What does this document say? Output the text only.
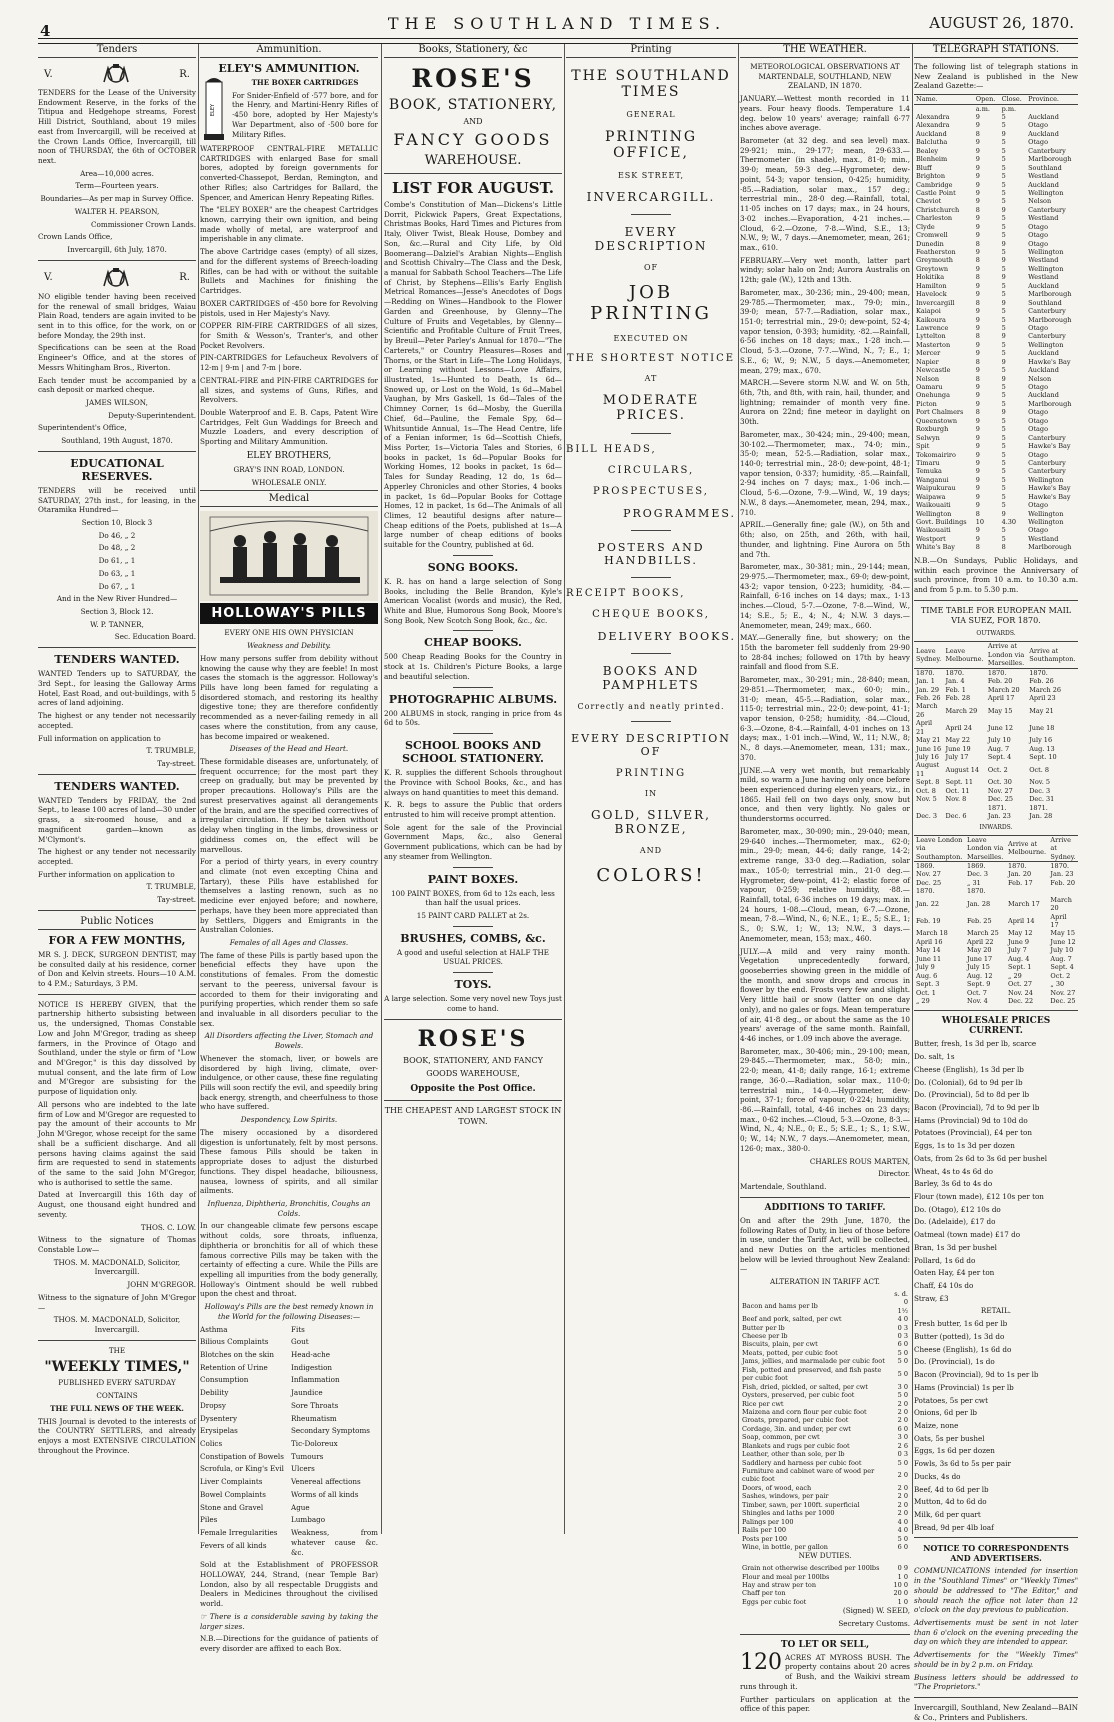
4	THE SOUTHLAND TIMES.	AUGUST 26, 1870.
Tenders
V.	R.
TENDERS for the Lease of the University Endowment Reserve, in the forks of the Titipua and Hedgehope streams, Forest Hill District, Southland, about 19 miles east from Invercargill, will be received at the Crown Lands Office, Invercargill, till noon of THURSDAY, the 6th of OCTOBER next.
Area—10,000 acres.
Term—Fourteen years.
Boundaries—As per map in Survey Office.
WALTER H. PEARSON,
Commissioner Crown Lands.
Crown Lands Office,
Invercargill, 6th July, 1870.
V.	R.
NO eligible tender having been received for the renewal of small bridges, Waiau Plain Road, tenders are again invited to be sent in to this office, for the work, on or before Monday, the 29th inst.
Specifications can be seen at the Road Engineer's Office, and at the stores of Messrs Whitingham Bros., Riverton.
Each tender must be accompanied by a cash deposit or marked cheque.
JAMES WILSON,
Deputy-Superintendent.
Superintendent's Office,
Southland, 19th August, 1870.
EDUCATIONAL RESERVES.
TENDERS will be received until SATURDAY, 27th inst., for leasing, in the Otaramika Hundred—
Section 10, Block 3
Do 46, „ 2
Do 48, „ 2
Do 61, „ 1
Do 63, „ 1
Do 67, „ 1
And in the New River Hundred—
Section 3, Block 12.
W. P. TANNER,
Sec. Education Board.
TENDERS WANTED.
WANTED Tenders up to SATURDAY, the 3rd Sept., for leasing the Galloway Arms Hotel, East Road, and out-buildings, with 5 acres of land adjoining.
The highest or any tender not necessarily accepted.
Full information on application to
T. TRUMBLE,
Tay-street.
TENDERS WANTED.
WANTED Tenders by FRIDAY, the 2nd Sept., to lease 100 acres of land—30 under grass, a six-roomed house, and a magnificent garden—known as M'Clymont's.
The highest or any tender not necessarily accepted.
Further information on application to
T. TRUMBLE,
Tay-street.
Public Notices
FOR A FEW MONTHS,
MR S. J. DECK, SURGEON DENTIST, may be consulted daily at his residence, corner of Don and Kelvin streets. Hours—10 A.M. to 4 P.M.; Saturdays, 3 P.M.
NOTICE IS HEREBY GIVEN, that the partnership hitherto subsisting between us, the undersigned, Thomas Constable Low and John M'Gregor, trading as sheep farmers, in the Province of Otago and Southland, under the style or firm of "Low and M'Gregor," is this day dissolved by mutual consent, and the late firm of Low and M'Gregor are subsisting for the purpose of liquidation only.
All persons who are indebted to the late firm of Low and M'Gregor are requested to pay the amount of their accounts to Mr John M'Gregor, whose receipt for the same shall be a sufficient discharge. And all persons having claims against the said firm are requested to send in statements of the same to the said John M'Gregor, who is authorised to settle the same.
Dated at Invercargill this 16th day of August, one thousand eight hundred and seventy.
THOS. C. LOW.
Witness to the signature of Thomas Constable Low—
THOS. M. MACDONALD, Solicitor, Invercargill.
JOHN M'GREGOR.
Witness to the signature of John M'Gregor—
THOS. M. MACDONALD, Solicitor, Invercargill.
THE
"WEEKLY TIMES,"
PUBLISHED EVERY SATURDAY
CONTAINS
THE FULL NEWS OF THE WEEK.
THIS Journal is devoted to the interests of the COUNTRY SETTLERS, and already enjoys a most EXTENSIVE CIRCULATION throughout the Province.
Ammunition.
ELEY'S AMMUNITION.
ELEY
THE BOXER CARTRIDGES
For Snider-Enfield of ·577 bore, and for the Henry, and Martini-Henry Rifles of ·450 bore, adopted by Her Majesty's War Department, also of ·500 bore for Military Rifles.
WATERPROOF CENTRAL-FIRE METALLIC CARTRIDGES with enlarged Base for small bores, adopted by foreign governments for converted-Chassepot, Berdan, Remington, and other Rifles; also Cartridges for Ballard, the Spencer, and American Henry Repeating Rifles.
The "ELEY BOXER" are the cheapest Cartridges known, carrying their own ignition, and being made wholly of metal, are waterproof and imperishable in any climate.
The above Cartridge cases (empty) of all sizes, and for the different systems of Breech-loading Rifles, can be had with or without the suitable Bullets and Machines for finishing the Cartridges.
BOXER CARTRIDGES of ·450 bore for Revolving pistols, used in Her Majesty's Navy.
COPPER RIM-FIRE CARTRIDGES of all sizes, for Smith & Wesson's, Tranter's, and other Pocket Revolvers.
PIN-CARTRIDGES for Lefaucheux Revolvers of 12-m | 9-m | and 7-m | bore.
CENTRAL-FIRE and PIN-FIRE CARTRIDGES for all sizes, and systems of Guns, Rifles, and Revolvers.
Double Waterproof and E. B. Caps, Patent Wire Cartridges, Felt Gun Waddings for Breech and Muzzle Loaders, and every description of Sporting and Military Ammunition.
ELEY BROTHERS,
GRAY'S INN ROAD, LONDON.
WHOLESALE ONLY.
Medical
HOLLOWAY'S PILLS
EVERY ONE HIS OWN PHYSICIAN
Weakness and Debility.
How many persons suffer from debility without knowing the cause why they are feeble! In most cases the stomach is the aggressor. Holloway's Pills have long been famed for regulating a disordered stomach, and restoring its healthy digestive tone; they are therefore confidently recommended as a never-failing remedy in all cases where the constitution, from any cause, has become impaired or weakened.
Diseases of the Head and Heart.
These formidable diseases are, unfortunately, of frequent occurrence; for the most part they creep on gradually, but may be prevented by proper precautions. Holloway's Pills are the surest preservatives against all derangements of the brain, and are the specified correctives of irregular circulation. If they be taken without delay when tingling in the limbs, drowsiness or giddiness comes on, the effect will be marvellous.
For a period of thirty years, in every country and climate (not even excepting China and Tartary), these Pills have established for themselves a lasting renown, such as no medicine ever enjoyed before; and nowhere, perhaps, have they been more appreciated than by Settlers, Diggers and Emigrants in the Australian Colonies.
Females of all Ages and Classes.
The fame of these Pills is partly based upon the beneficial effects they have upon the constitutions of females. From the domestic servant to the peeress, universal favour is accorded to them for their invigorating and purifying properties, which render them so safe and invaluable in all disorders peculiar to the sex.
All Disorders affecting the Liver, Stomach and Bowels.
Whenever the stomach, liver, or bowels are disordered by high living, climate, over-indulgence, or other cause, these fine regulating Pills will soon rectify the evil, and speedily bring back energy, strength, and cheerfulness to those who have suffered.
Despondency, Low Spirits.
The misery occasioned by a disordered digestion is unfortunately, felt by most persons. These famous Pills should be taken in appropriate doses to adjust the disturbed functions. They dispel headache, biliousness, nausea, lowness of spirits, and all similar ailments.
Influenza, Diphtheria, Bronchitis, Coughs an Colds.
In our changeable climate few persons escape without colds, sore throats, influenza, diphtheria or bronchitis for all of which these famous corrective Pills may be taken with the certainty of effecting a cure. While the Pills are expelling all impurities from the body generally, Holloway's Ointment should be well rubbed upon the chest and throat.
Holloway's Pills are the best remedy known in the World for the following Diseases:—
Asthma
Bilious Complaints
Blotches on the skin
Retention of Urine
Consumption
Debility
Dropsy
Dysentery
Erysipelas
Colics
Constipation of Bowels
Scrofula, or King's Evil
Liver Complaints
Bowel Complaints
Stone and Gravel
Piles
Female Irregularities
Fevers of all kinds
Fits
Gout
Head-ache
Indigestion
Inflammation
Jaundice
Sore Throats
Rheumatism
Secondary Symptoms
Tic-Doloreux
Tumours
Ulcers
Venereal affections
Worms of all kinds
Ague
Lumbago
Weakness, from whatever cause &c. &c.
Sold at the Establishment of PROFESSOR HOLLOWAY, 244, Strand, (near Temple Bar) London, also by all respectable Druggists and Dealers in Medicines throughout the civilised world.
☞ There is a considerable saving by taking the larger sizes.
N.B.—Directions for the guidance of patients of every disorder are affixed to each Box.
Books, Stationery, &c
ROSE'S
BOOK, STATIONERY,
AND
FANCY GOODS
WAREHOUSE.
LIST FOR AUGUST.
Combe's Constitution of Man—Dickens's Little Dorrit, Pickwick Papers, Great Expectations, Christmas Books, Hard Times and Pictures from Italy, Oliver Twist, Bleak House, Dombey and Son, &c.—Rural and City Life, by Old Boomerang—Dalziel's Arabian Nights—English and Scottish Chivalry—The Class and the Desk, a manual for Sabbath School Teachers—The Life of Christ, by Stephens—Ellis's Early English Metrical Romances—Jesse's Anecdotes of Dogs—Redding on Wines—Handbook to the Flower Garden and Greenhouse, by Glenny—The Culture of Fruits and Vegetables, by Glenny—Scientific and Profitable Culture of Fruit Trees, by Breuil—Peter Parley's Annual for 1870—"The Carterets," or Country Pleasures—Roses and Thorns, or the Start in Life—The Long Holidays, or Learning without Lessons—Love Affairs, illustrated, 1s—Hunted to Death, 1s 6d—Snowed up, or Lost on the Wold, 1s 6d—Mabel Vaughan, by Mrs Gaskell, 1s 6d—Tales of the Chimney Corner, 1s 6d—Mosby, the Guerilla Chief, 6d—Pauline, the Female Spy, 6d—Whitsuntide Annual, 1s—The Head Centre, life of a Fenian informer, 1s 6d—Scottish Chiefs, Miss Porter, 1s—Victoria Tales and Stories, 6 books in packet, 1s 6d—Popular Books for Working Homes, 12 books in packet, 1s 6d—Tales for Sunday Reading, 12 do, 1s 6d—Apperley Chronicles and other Stories, 4 books in packet, 1s 6d—Popular Books for Cottage Homes, 12 in packet, 1s 6d—The Animals of all Climes, 12 beautiful designs after nature—Cheap editions of the Poets, published at 1s—A large number of cheap editions of books suitable for the Country, published at 6d.
SONG BOOKS.
K. R. has on hand a large selection of Song Books, including the Belle Brandon, Kyle's American Vocalist (words and music), the Red, White and Blue, Humorous Song Book, Moore's Song Book, New Scotch Song Book, &c., &c.
CHEAP BOOKS.
500 Cheap Reading Books for the Country in stock at 1s. Children's Picture Books, a large and beautiful selection.
PHOTOGRAPHIC ALBUMS.
200 ALBUMS in stock, ranging in price from 4s 6d to 50s.
SCHOOL BOOKS AND SCHOOL STATIONERY.
K. R. supplies the different Schools throughout the Province with School Books, &c., and has always on hand quantities to meet this demand.
K. R. begs to assure the Public that orders entrusted to him will receive prompt attention.
Sole agent for the sale of the Provincial Government Maps, &c., also General Government publications, which can be had by any steamer from Wellington.
PAINT BOXES.
100 PAINT BOXES, from 6d to 12s each, less than half the usual prices.
15 PAINT CARD PALLET at 2s.
BRUSHES, COMBS, &c.
A good and useful selection at HALF THE USUAL PRICES.
TOYS.
A large selection. Some very novel new Toys just come to hand.
ROSE'S
BOOK, STATIONERY, AND FANCY
GOODS WAREHOUSE,
Opposite the Post Office.
THE CHEAPEST AND LARGEST STOCK IN TOWN.
Printing
THE SOUTHLAND TIMES
GENERAL
PRINTING OFFICE,
ESK STREET,
INVERCARGILL.
EVERY DESCRIPTION
OF
JOB PRINTING
EXECUTED ON
THE SHORTEST NOTICE
AT
MODERATE PRICES.
BILL HEADS,
CIRCULARS,
PROSPECTUSES,
PROGRAMMES.
POSTERS AND HANDBILLS.
RECEIPT BOOKS,
CHEQUE BOOKS,
DELIVERY BOOKS.
BOOKS AND PAMPHLETS
Correctly and neatly printed.
EVERY DESCRIPTION OF
PRINTING
IN
GOLD, SILVER, BRONZE,
AND
COLORS!
THE WEATHER.
METEOROLOGICAL OBSERVATIONS AT MARTENDALE, SOUTHLAND, NEW ZEALAND, IN 1870.
JANUARY.—Wettest month recorded in 11 years. Four heavy floods. Temperature 1.4 deg. below 10 years' average; rainfall 6·77 inches above average.
Barometer (at 32 deg. and sea level) max. 29·921; min., 29·177; mean, 29·633.—Thermometer (in shade), max., 81·0; min., 39·0; mean, 59·3 deg.—Hygrometer, dew-point, 54·3; vapor tension, 0·425; humidity, ·85.—Radiation, solar max., 157 deg.; terrestrial min., 28·0 deg.—Rainfall, total, 11·05 inches on 17 days; max., in 24 hours, 3·02 inches.—Evaporation, 4·21 inches.—Cloud, 6·2.—Ozone, 7·8.—Wind, S.E., 13; N.W., 9; W., 7 days.—Anemometer, mean, 261; max., 610.
FEBRUARY.—Very wet month, latter part windy; solar halo on 2nd; Aurora Australis on 12th; gale (W.), 12th and 13th.
Barometer, max., 30·236; min., 29·400; mean, 29·785.—Thermometer, max., 79·0; min., 39·0; mean, 57·7.—Radiation, solar max., 151·0; terrestrial min., 29·0; dew-point, 52·4; vapor tension, 0·393; humidity, ·82.—Rainfall, 6·56 inches on 18 days; max., 1·28 inch.—Cloud, 5·3.—Ozone, 7·7.—Wind, N., 7; E., 1; S.E., 6; W., 9; N.W., 5 days.—Anemometer, mean, 279; max., 670.
MARCH.—Severe storm N.W. and W. on 5th, 6th, 7th, and 8th, with rain, hail, thunder, and lightning; remainder of month very fine. Aurora on 22nd; fine meteor in daylight on 30th.
Barometer, max., 30·424; min., 29·400; mean, 30·102.—Thermometer, max., 74·0; min., 35·0; mean, 52·5.—Radiation, solar max., 140·0; terrestrial min., 28·0; dew-point, 48·1; vapor tension, 0·337; humidity, ·85.—Rainfall, 2·94 inches on 7 days; max., 1·06 inch.—Cloud, 5·6.—Ozone, 7·9.—Wind, W., 19 days; N.W., 8 days.—Anemometer, mean, 294, max., 710.
APRIL.—Generally fine; gale (W.), on 5th and 6th; also, on 25th, and 26th, with hail, thunder, and lightning. Fine Aurora on 5th and 7th.
Barometer, max., 30·381; min., 29·144; mean, 29·975.—Thermometer, max., 69·0; dew-point, 43·2; vapor tension, 0·223; humidity, ·84.—Rainfall, 6·16 inches on 14 days; max., 1·13 inches.—Cloud, 5·7.—Ozone, 7·8.—Wind, W., 14; S.E., 5; E., 4; N., 4; N.W. 3 days.—Anemometer, mean, 249; max., 660.
MAY.—Generally fine, but showery; on the 15th the barometer fell suddenly from 29·90 to 28·84 inches; followed on 17th by heavy rainfall and flood from S.E.
Barometer, max., 30·291; min., 28·840; mean, 29·851.—Thermometer, max., 60·0; min., 31·0; mean, 45·5.—Radiation, solar max., 115·0; terrestrial min., 22·0; dew-point, 41·1; vapor tension, 0·258; humidity, ·84.—Cloud, 6·3.—Ozone, 8·4.—Rainfall, 4·01 inches on 13 days; max., 1·01 inch.—Wind, W., 11; N.W., 8; N., 8 days.—Anemometer, mean, 131; max., 370.
JUNE.—A very wet month, but remarkably mild, so warm a June having only once before been experienced during eleven years, viz., in 1865. Hail fell on two days only, snow but once, and then very lightly. No gales or thunderstorms occurred.
Barometer, max., 30·090; min., 29·040; mean, 29·640 inches.—Thermometer, max., 62·0; min., 29·0; mean, 44·6; daily range, 14·2; extreme range, 33·0 deg.—Radiation, solar max., 105·0; terrestrial min., 21·0 deg.—Hygrometer, dew-point, 41·2; elastic force of vapour, 0·259; relative humidity, ·88.—Rainfall, total, 6·36 inches on 19 days; max. in 24 hours, 1·08.—Cloud, mean, 6·7.—Ozone, mean, 7·8.—Wind, N., 6; N.E., 1; E., 5; S.E., 1; S., 0; S.W., 1; W., 13; N.W., 3 days.—Anemometer, mean, 153; max., 460.
JULY.—A mild and very rainy month. Vegetation unprecedentedly forward, gooseberries showing green in the middle of the month, and snow drops and crocus in flower by the end. Frosts very few and slight. Very little hail or snow (latter on one day only), and no gales or fogs. Mean temperature of air, 41·8 deg., or about the same as the 10 years' average of the same month. Rainfall, 4·46 inches, or 1.09 inch above the average.
Barometer, max., 30·406; min., 29·100; mean, 29·845.—Thermometer, max., 58·0; min., 22·0; mean, 41·8; daily range, 16·1; extreme range, 36·0.—Radiation, solar max., 110·0; terrestrial min., 14·0.—Hygrometer, dew-point, 37·1; force of vapour, 0·224; humidity, ·86.—Rainfall, total, 4·46 inches on 23 days; max., 0·62 inches.—Cloud, 5·3.—Ozone, 8·3.—Wind, N., 4; N.E., 0; E., 5; S.E., 1; S., 1; S.W., 0; W., 14; N.W., 7 days.—Anemometer, mean, 126·0; max., 380·0.
CHARLES ROUS MARTEN,
Director.
Martendale, Southland.
ADDITIONS TO TARIFF.
On and after the 29th June, 1870, the following Rates of Duty, in lieu of those before in use, under the Tariff Act, will be collected, and new Duties on the articles mentioned below will be levied throughout New Zealand:—
ALTERATION IN TARIFF ACT.
	s. d.
Bacon and hams per lb	0 1½
Beef and pork, salted, per cwt	4 0
Butter per lb	0 3
Cheese per lb	0 3
Biscuits, plain, per cwt	6 0
Meats, potted, per cubic foot	5 0
Jams, jellies, and marmalade per cubic foot	5 0
Fish, potted and preserved, and fish paste per cubic foot	5 0
Fish, dried, pickled, or salted, per cwt	3 0
Oysters, preserved, per cubic foot	5 0
Rice per cwt	2 0
Maizena and corn flour per cubic foot	2 0
Groats, prepared, per cubic foot	2 0
Cordage, 3in. and under, per cwt	6 0
Soap, common, per cwt	3 0
Blankets and rugs per cubic foot	2 6
Leather, other than sole, per lb	0 3
Saddlery and harness per cubic foot	5 0
Furniture and cabinet ware of wood per cubic foot	2 0
Doors, of wood, each	2 0
Sashes, windows, per pair	2 0
Timber, sawn, per 100ft. superficial	2 0
Shingles and laths per 1000	2 0
Palings per 100	4 0
Rails per 100	4 0
Posts per 100	5 0
Wine, in bottle, per gallon	6 0
NEW DUTIES.
Grain not otherwise described per 100lbs	0 9
Flour and meal per 100lbs	1 0
Hay and straw per ton	10 0
Chaff per ton	20 0
Eggs per cubic foot	1 0
(Signed) W. SEED,
Secretary Customs.
TO LET OR SELL,
120 ACRES AT MYROSS BUSH. The property contains about 20 acres of Bush, and the Waikivi stream runs through it.
Further particulars on application at the office of this paper.
TELEGRAPH STATIONS.
The following list of telegraph stations in New Zealand is published in the New Zealand Gazette:—
Name.	Open.	Close.	Province.
	a.m.	p.m.	
Alexandra	9	5	Auckland
Alexandra	9	5	Otago
Auckland	8	9	Auckland
Balclutha	9	5	Otago
Bealey	9	5	Canterbury
Blenheim	9	5	Marlborough
Bluff	9	5	Southland
Brighton	9	5	Westland
Cambridge	9	5	Auckland
Castle Point	9	5	Wellington
Cheviot	9	5	Nelson
Christchurch	8	9	Canterbury
Charleston	9	5	Westland
Clyde	9	5	Otago
Cromwell	9	5	Otago
Dunedin	8	9	Otago
Featherston	9	5	Wellington
Greymouth	8	9	Westland
Greytown	9	5	Wellington
Hokitika	8	9	Westland
Hamilton	9	5	Auckland
Havelock	9	5	Marlborough
Invercargill	8	9	Southland
Kaiapoi	9	5	Canterbury
Kaikoura	9	5	Marlborough
Lawrence	9	5	Otago
Lyttelton	8	9	Canterbury
Masterton	9	5	Wellington
Mercer	9	5	Auckland
Napier	8	9	Hawke's Bay
Newcastle	9	5	Auckland
Nelson	8	9	Nelson
Oamaru	9	5	Otago
Onehunga	9	5	Auckland
Picton	9	5	Marlborough
Port Chalmers	8	9	Otago
Queenstown	9	5	Otago
Roxburgh	9	5	Otago
Selwyn	9	5	Canterbury
Spit	9	5	Hawke's Bay
Tokomairiro	9	5	Otago
Timaru	9	5	Canterbury
Temuka	9	5	Canterbury
Wanganui	9	5	Wellington
Waipukurau	9	5	Hawke's Bay
Waipawa	9	5	Hawke's Bay
Waikouaiti	9	5	Otago
Wellington	8	9	Wellington
Govt. Buildings	10	4.30	Wellington
Waikouaiti	9	5	Otago
Westport	9	5	Westland
White's Bay	8	8	Marlborough
N.B.—On Sundays, Public Holidays, and within each province the Anniversary of such province, from 10 a.m. to 10.30 a.m. and from 5 p.m. to 5.30 p.m.
TIME TABLE FOR EUROPEAN MAIL VIA SUEZ, FOR 1870.
OUTWARDS.
Leave Sydney.	Leave Melbourne.	Arrive at London via Marseilles.	Arrive at Southampton.
1870.	1870.	1870.	1870.
Jan. 1	Jan. 4	Feb. 20	Feb. 26
Jan. 29	Feb. 1	March 20	March 26
Feb. 26	Feb. 28	April 17	April 23
March 26	March 29	May 15	May 21
April 21	April 24	June 12	June 18
May 21	May 22	July 10	July 16
June 16	June 19	Aug. 7	Aug. 13
July 16	July 17	Sept. 4	Sept. 10
August 11	August 14	Oct. 2	Oct. 8
Sept. 8	Sept. 11	Oct. 30	Nov. 5
Oct. 8	Oct. 11	Nov. 27	Dec. 3
Nov. 5	Nov. 8	Dec. 25	Dec. 31
		1871.	1871.
Dec. 3	Dec. 6	Jan. 23	Jan. 28
INWARDS.
Leave London via Southampton.	Leave London via Marseilles.	Arrive at Melbourne.	Arrive at Sydney.
1869.	1869.	1870.	1870.
Nov. 27	Dec. 3	Jan. 20	Jan. 23
Dec. 25	„ 31	Feb. 17	Feb. 20
1870.	1870.		
Jan. 22	Jan. 28	March 17	March 20
Feb. 19	Feb. 25	April 14	April 17
March 18	March 25	May 12	May 15
April 16	April 22	June 9	June 12
May 14	May 20	July 7	July 10
June 11	June 17	Aug. 4	Aug. 7
July 9	July 15	Sept. 1	Sept. 4
Aug. 6	Aug. 12	„ 29	Oct. 2
Sept. 3	Sept. 9	Oct. 27	„ 30
Oct. 1	Oct. 7	Nov. 24	Nov. 27
„ 29	Nov. 4	Dec. 22	Dec. 25
WHOLESALE PRICES CURRENT.
Butter, fresh, 1s 3d per lb, scarce
Do. salt, 1s
Cheese (English), 1s 3d per lb
Do. (Colonial), 6d to 9d per lb
Do. (Provincial), 5d to 8d per lb
Bacon (Provincial), 7d to 9d per lb
Hams (Provincial) 9d to 10d do
Potatoes (Provincial), £4 per ton
Eggs, 1s to 1s 3d per dozen
Oats, from 2s 6d to 3s 6d per bushel
Wheat, 4s to 4s 6d do
Barley, 3s 6d to 4s do
Flour (town made), £12 10s per ton
Do. (Otago), £12 10s do
Do. (Adelaide), £17 do
Oatmeal (town made) £17 do
Bran, 1s 3d per bushel
Pollard, 1s 6d do
Oaten Hay, £4 per ton
Chaff, £4 10s do
Straw, £3
RETAIL.
Fresh butter, 1s 6d per lb
Butter (potted), 1s 3d do
Cheese (English), 1s 6d do
Do. (Provincial), 1s do
Bacon (Provincial), 9d to 1s per lb
Hams (Provincial) 1s per lb
Potatoes, 5s per cwt
Onions, 6d per lb
Maize, none
Oats, 5s per bushel
Eggs, 1s 6d per dozen
Fowls, 3s 6d to 5s per pair
Ducks, 4s do
Beef, 4d to 6d per lb
Mutton, 4d to 6d do
Milk, 6d per quart
Bread, 9d per 4lb loaf
NOTICE TO CORRESPONDENTS AND ADVERTISERS.
COMMUNICATIONS intended for insertion in the "Southland Times" or "Weekly Times" should be addressed to "The Editor," and should reach the office not later than 12 o'clock on the day previous to publication.
Advertisements must be sent in not later than 6 o'clock on the evening preceding the day on which they are intended to appear.
Advertisements for the "Weekly Times" should be in by 2 p.m. on Friday.
Business letters should be addressed to "The Proprietors."
Invercargill, Southland, New Zealand—BAIN & Co., Printers and Publishers.
